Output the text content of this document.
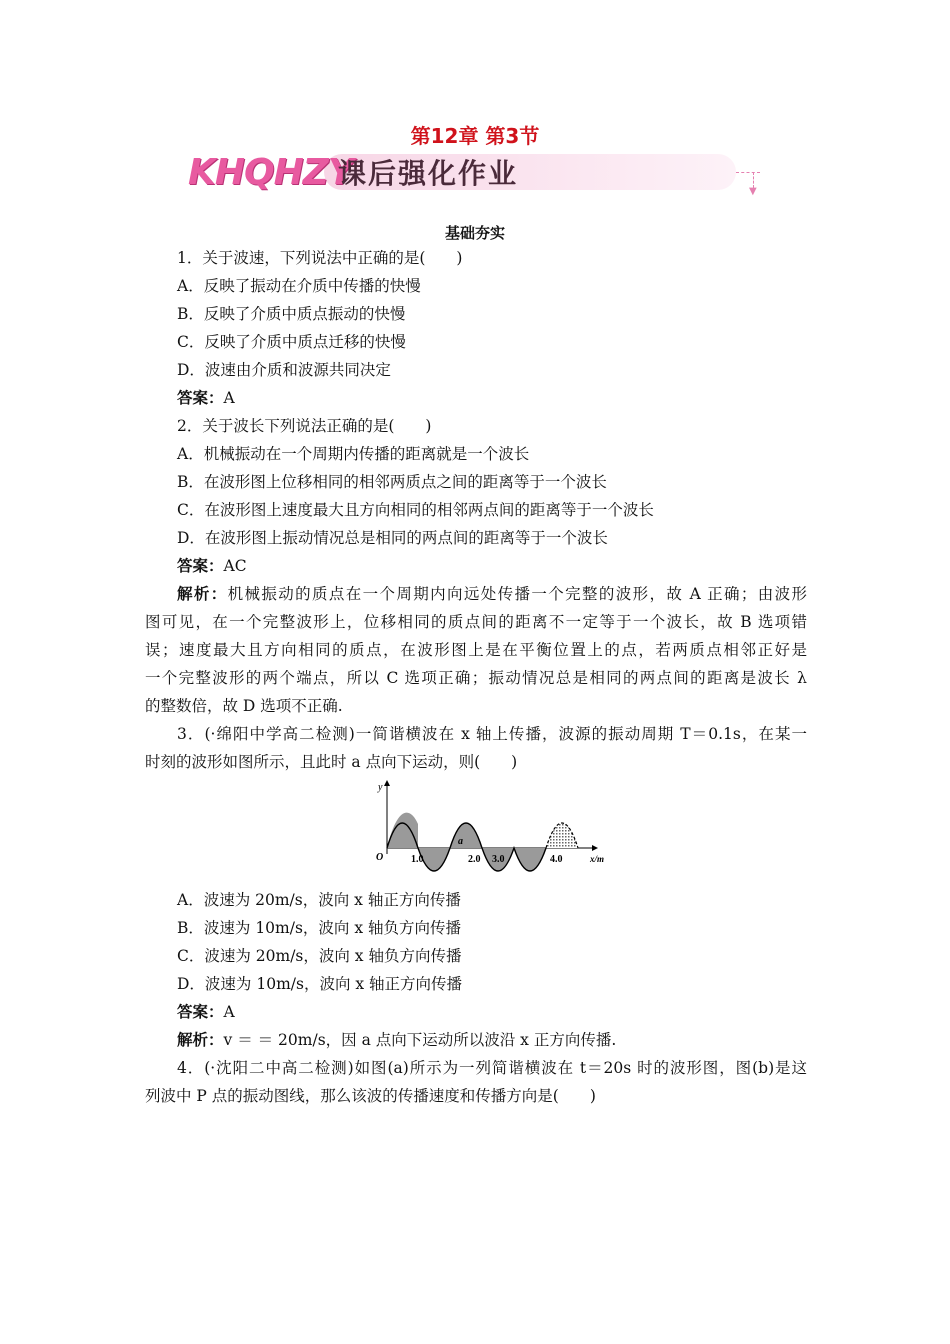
第12章 第3节
KHQHZY
课后强化作业
▼
基础夯实
1．关于波速，下列说法中正确的是(　　)
A．反映了振动在介质中传播的快慢
B．反映了介质中质点振动的快慢
C．反映了介质中质点迁移的快慢
D．波速由介质和波源共同决定
答案：A
2．关于波长下列说法正确的是(　　)
A．机械振动在一个周期内传播的距离就是一个波长
B．在波形图上位移相同的相邻两质点之间的距离等于一个波长
C．在波形图上速度最大且方向相同的相邻两点间的距离等于一个波长
D．在波形图上振动情况总是相同的两点间的距离等于一个波长
答案：AC
解析：机械振动的质点在一个周期内向远处传播一个完整的波形，故 A 正确；由波形
图可见，在一个完整波形上，位移相同的质点间的距离不一定等于一个波长，故 B 选项错
误；速度最大且方向相同的质点，在波形图上是在平衡位置上的点，若两质点相邻正好是
一个完整波形的两个端点，所以 C 选项正确；振动情况总是相同的两点间的距离是波长 λ
的整数倍，故 D 选项不正确.
3．(·绵阳中学高二检测)一简谐横波在 x 轴上传播，波源的振动周期 T＝0.1s，在某一
时刻的波形如图所示，且此时 a 点向下运动，则(　　)
y
O	1.0	2.0 3.0	4.0
a
x/m
A．波速为 20m/s，波向 x 轴正方向传播
B．波速为 10m/s，波向 x 轴负方向传播
C．波速为 20m/s，波向 x 轴负方向传播
D．波速为 10m/s，波向 x 轴正方向传播
答案：A
解析：v ＝ ＝ 20m/s，因 a 点向下运动所以波沿 x 正方向传播.
4．(·沈阳二中高二检测)如图(a)所示为一列简谐横波在 t＝20s 时的波形图，图(b)是这
列波中 P 点的振动图线，那么该波的传播速度和传播方向是(　　)
